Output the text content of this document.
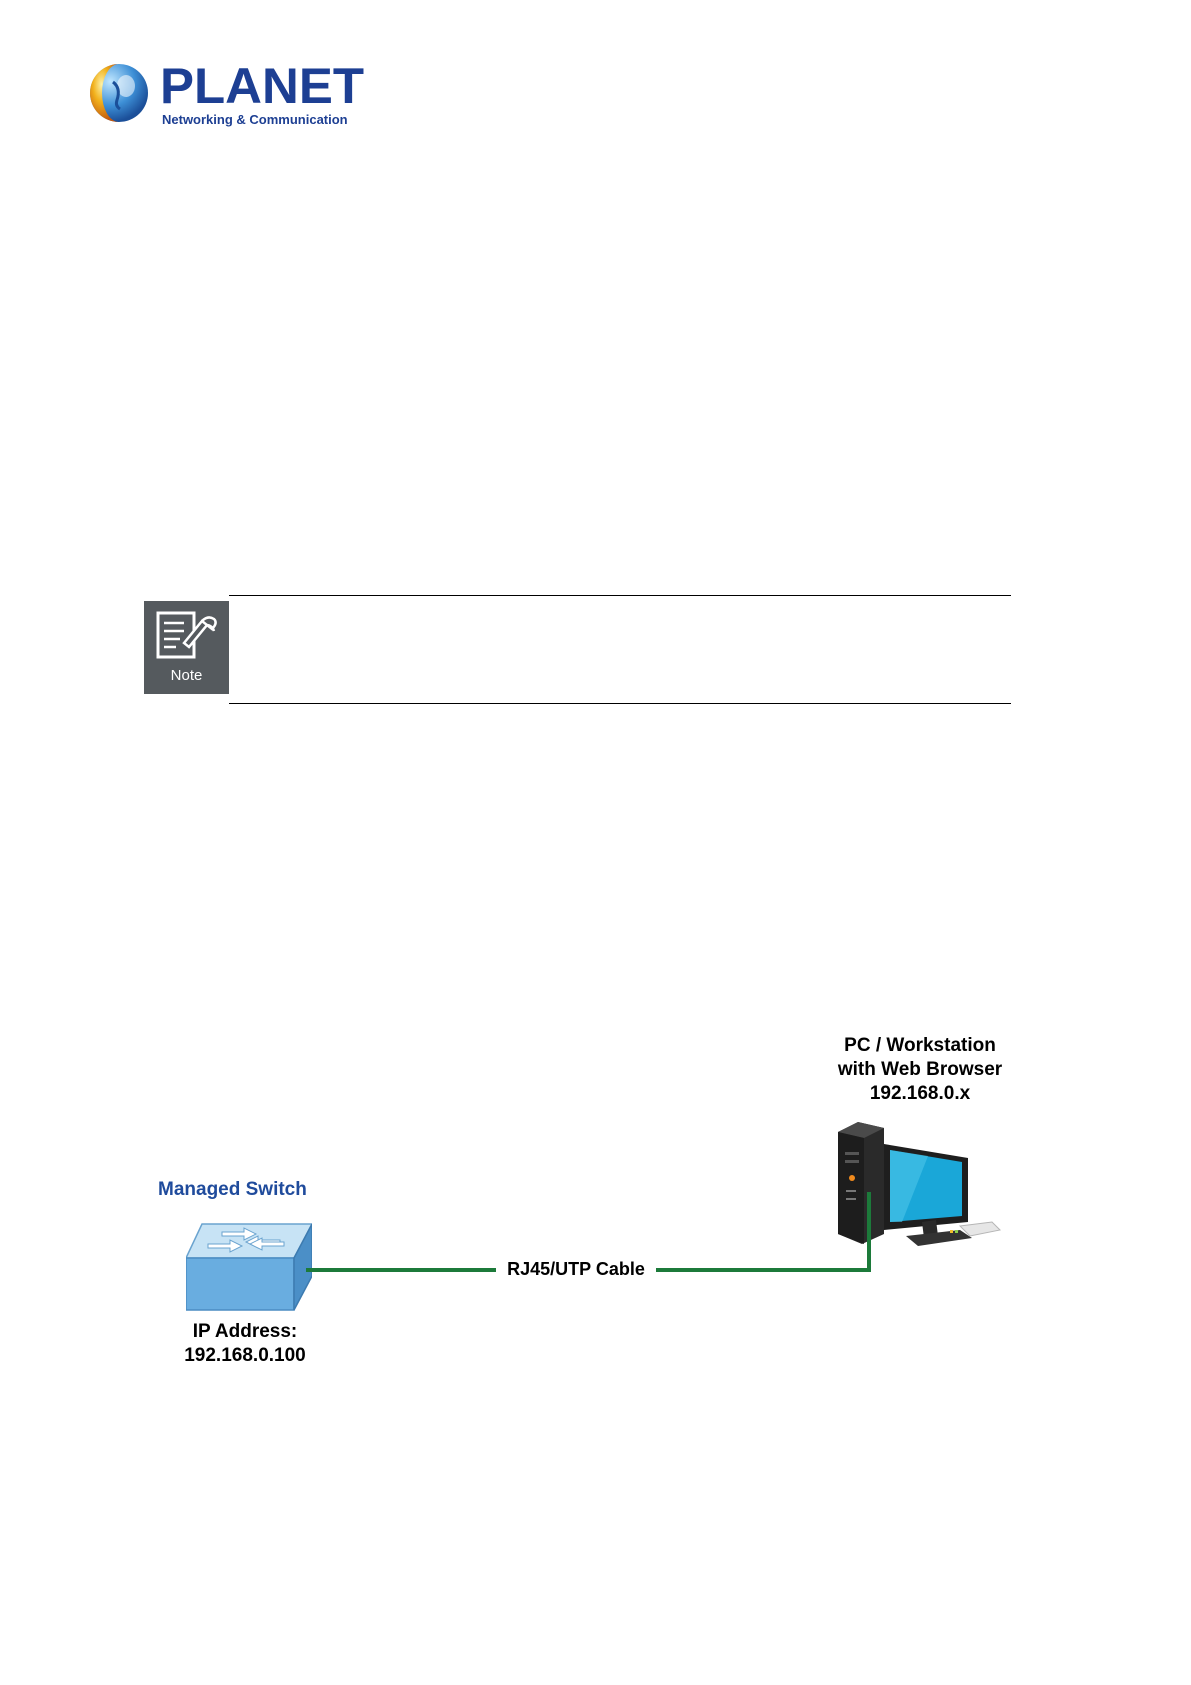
PLANET
Networking & Communication
Note
PC / Workstation
with Web Browser
192.168.0.x
Managed Switch
IP Address:
192.168.0.100
RJ45/UTP Cable
